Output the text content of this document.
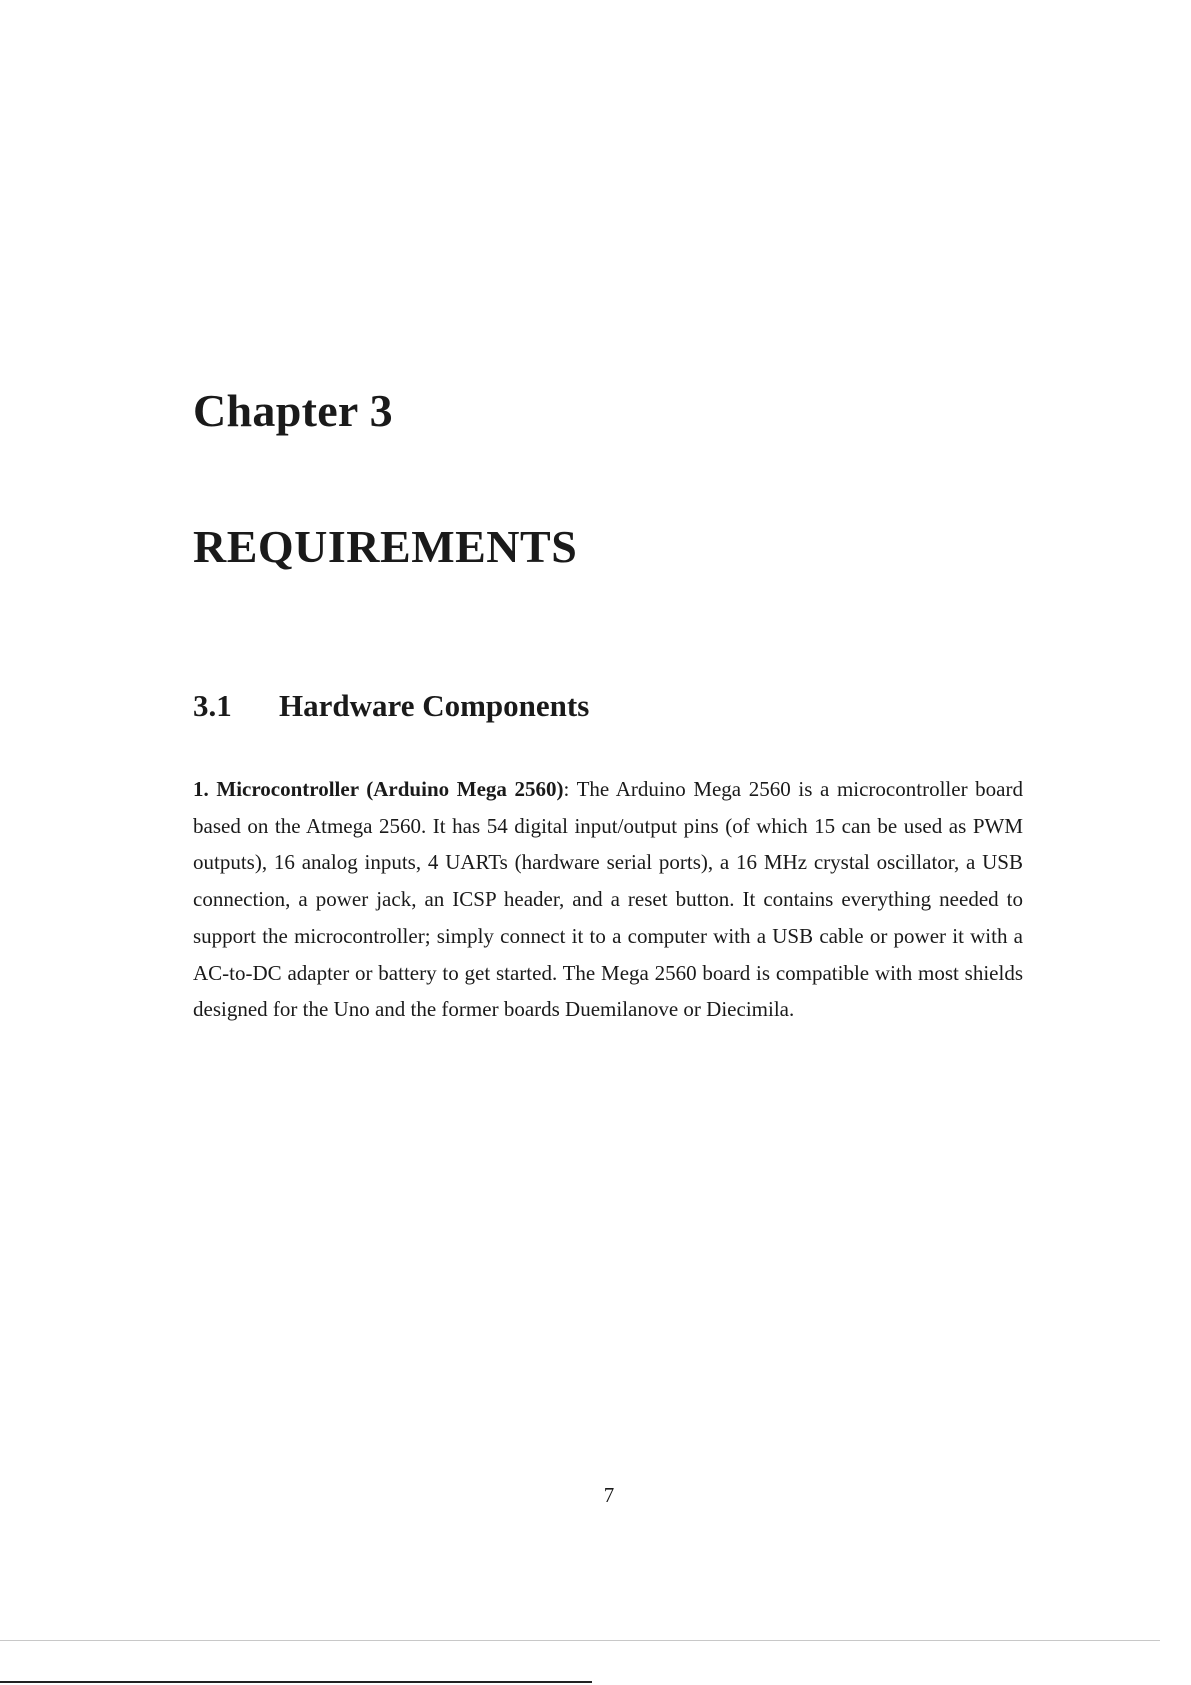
Chapter 3
REQUIREMENTS
3.1 Hardware Components

1. Microcontroller (Arduino Mega 2560): The Arduino Mega 2560 is a microcontroller board based on the Atmega 2560. It has 54 digital input/output pins (of which 15 can be used as PWM outputs), 16 analog inputs, 4 UARTs (hardware serial ports), a 16 MHz crystal oscillator, a USB connection, a power jack, an ICSP header, and a reset button. It contains everything needed to support the microcontroller; simply connect it to a computer with a USB cable or power it with a AC-to-DC adapter or battery to get started. The Mega 2560 board is compatible with most shields designed for the Uno and the former boards Duemilanove or Diecimila.

7
